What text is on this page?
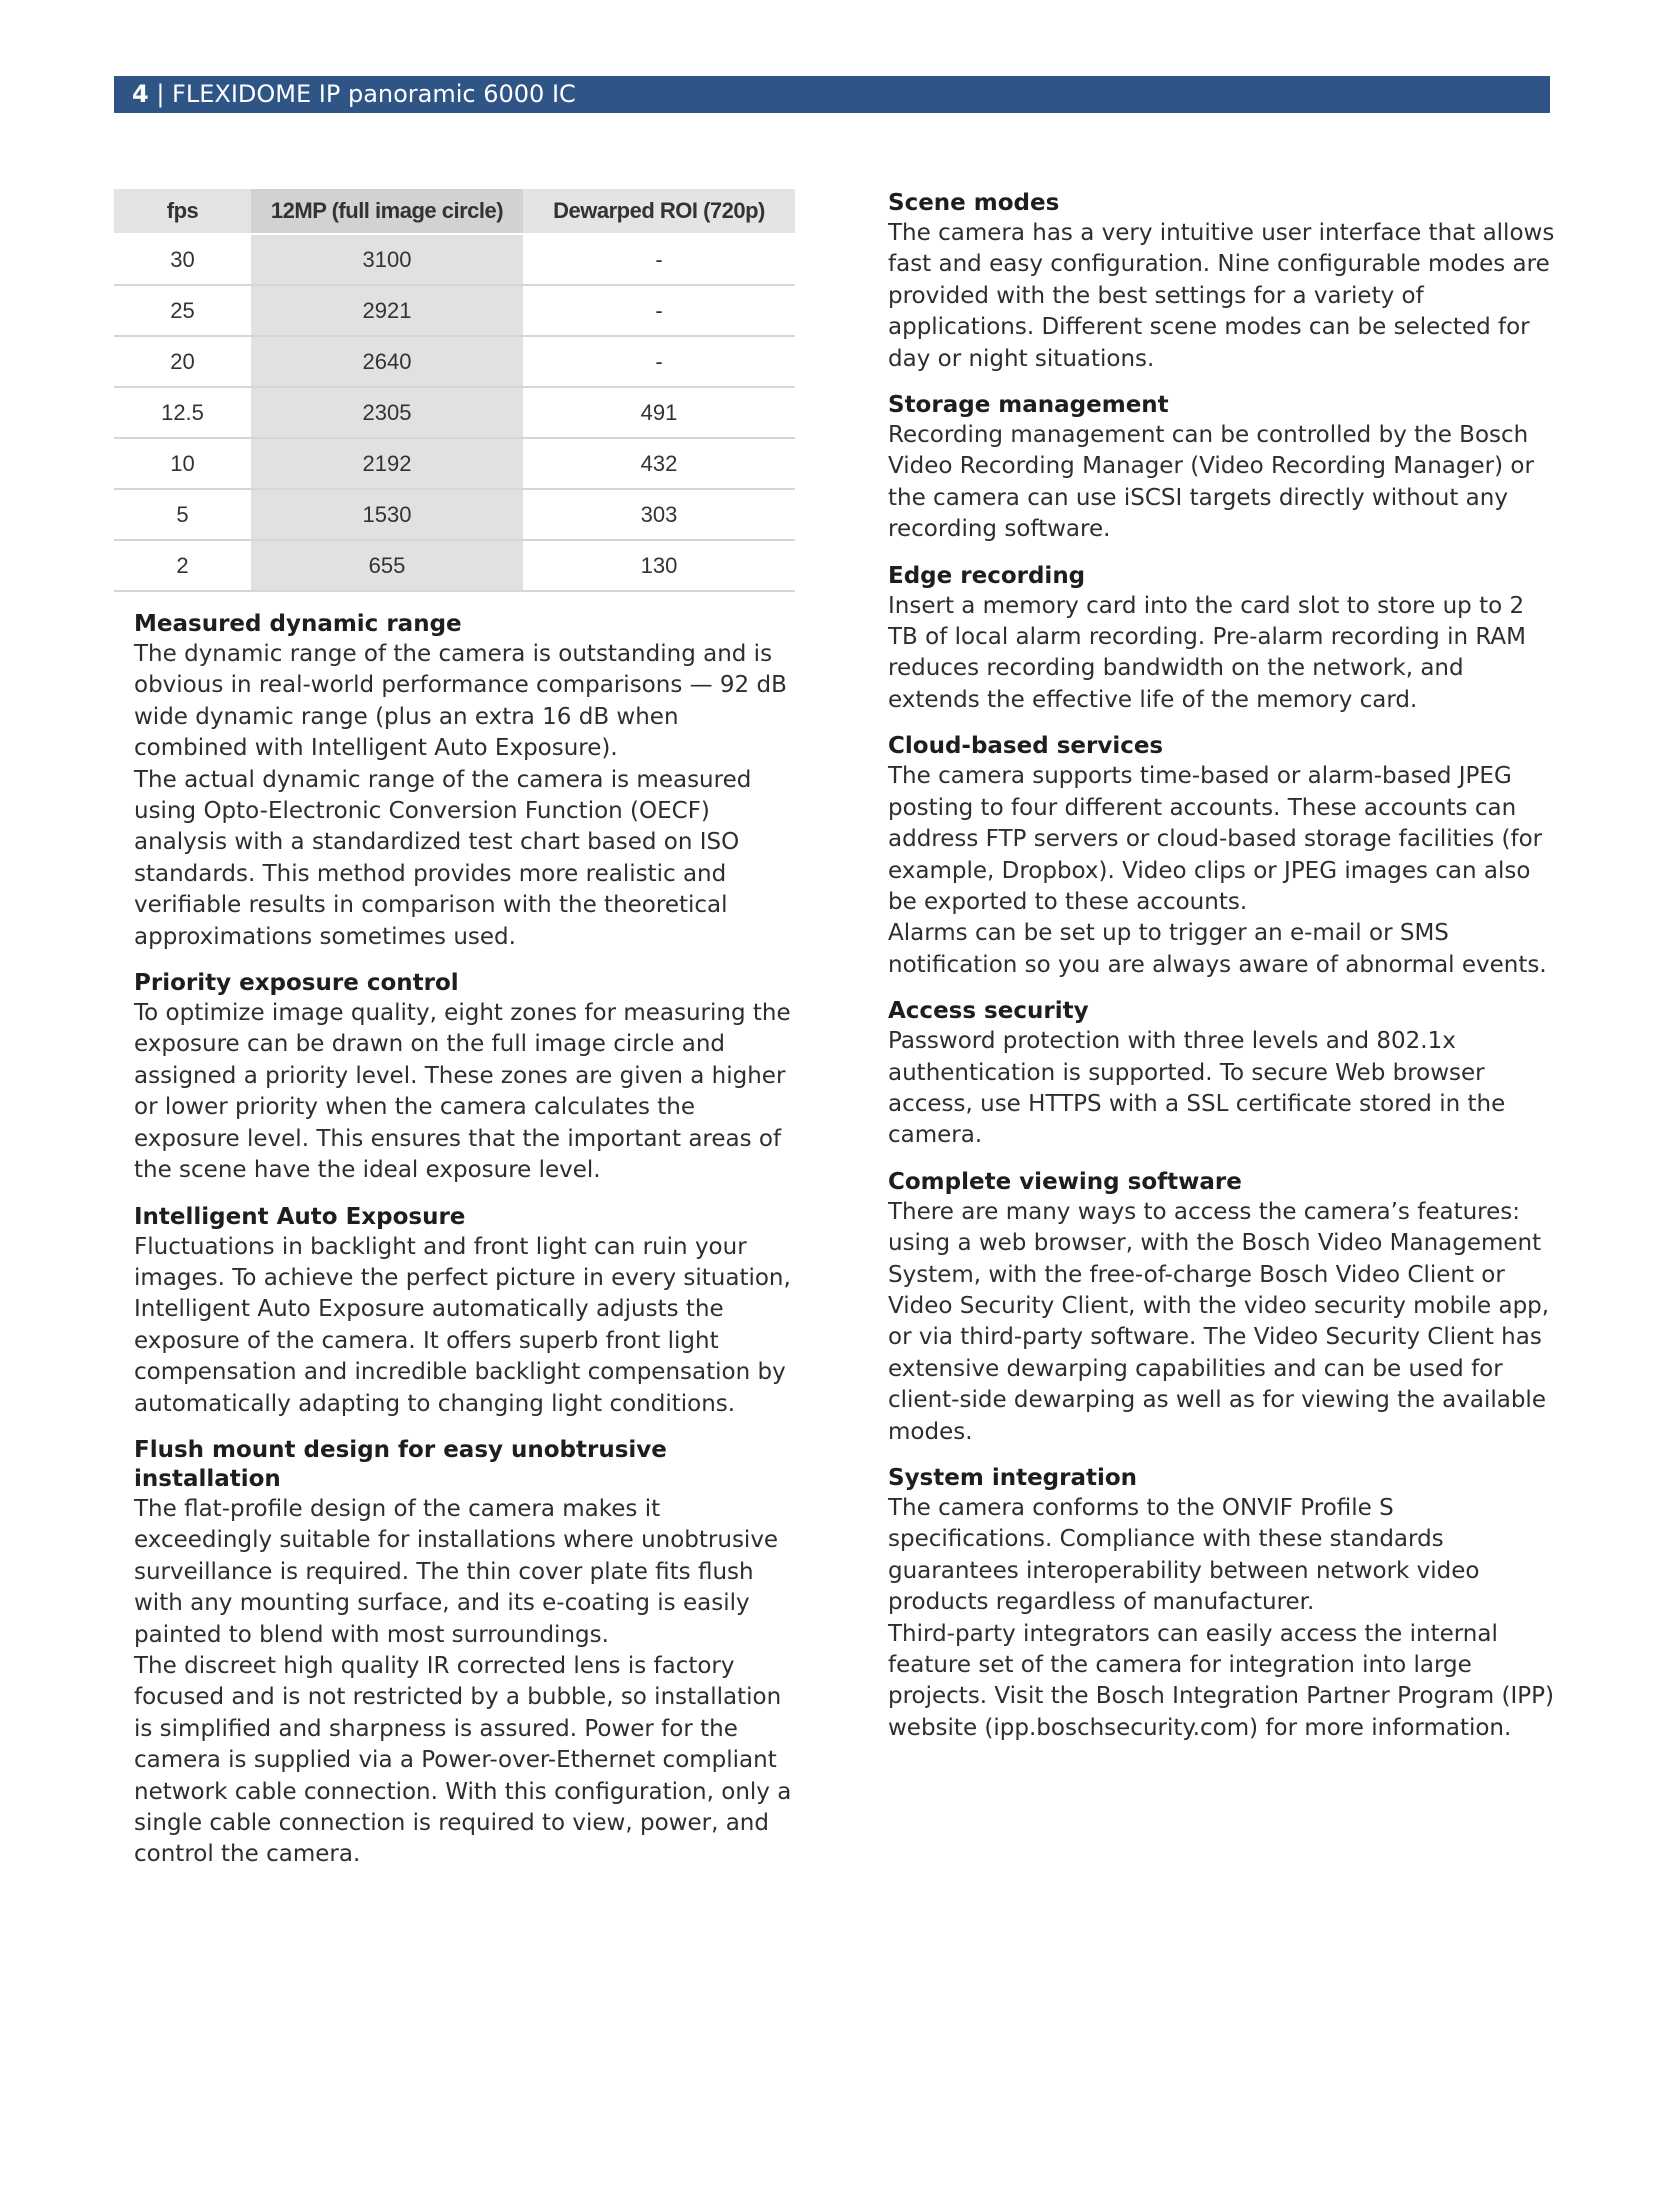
4 | FLEXIDOME IP panoramic 6000 IC
fps	12MP (full image circle)	Dewarped ROI (720p)
30	3100	-
25	2921	-
20	2640	-
12.5	2305	491
10	2192	432
5	1530	303
2	655	130
Measured dynamic range

The dynamic range of the camera is outstanding and is obvious in real-world performance comparisons — 92 dB wide dynamic range (plus an extra 16 dB when combined with Intelligent Auto Exposure).

The actual dynamic range of the camera is measured using Opto-Electronic Conversion Function (OECF) analysis with a standardized test chart based on ISO standards. This method provides more realistic and verifiable results in comparison with the theoretical approximations sometimes used.

Priority exposure control

To optimize image quality, eight zones for measuring the exposure can be drawn on the full image circle and assigned a priority level. These zones are given a higher or lower priority when the camera calculates the exposure level. This ensures that the important areas of the scene have the ideal exposure level.

Intelligent Auto Exposure

Fluctuations in backlight and front light can ruin your images. To achieve the perfect picture in every situation, Intelligent Auto Exposure automatically adjusts the exposure of the camera. It offers superb front light compensation and incredible backlight compensation by automatically adapting to changing light conditions.

Flush mount design for easy unobtrusive installation

The flat-profile design of the camera makes it exceedingly suitable for installations where unobtrusive surveillance is required. The thin cover plate fits flush with any mounting surface, and its e-coating is easily painted to blend with most surroundings.

The discreet high quality IR corrected lens is factory focused and is not restricted by a bubble, so installation is simplified and sharpness is assured. Power for the camera is supplied via a Power-over-Ethernet compliant network cable connection. With this configuration, only a single cable connection is required to view, power, and control the camera.

Scene modes

The camera has a very intuitive user interface that allows fast and easy configuration. Nine configurable modes are provided with the best settings for a variety of applications. Different scene modes can be selected for day or night situations.

Storage management

Recording management can be controlled by the Bosch Video Recording Manager (Video Recording Manager) or the camera can use iSCSI targets directly without any recording software.

Edge recording

Insert a memory card into the card slot to store up to 2 TB of local alarm recording. Pre-alarm recording in RAM reduces recording bandwidth on the network, and extends the effective life of the memory card.

Cloud-based services

The camera supports time-based or alarm-based JPEG posting to four different accounts. These accounts can address FTP servers or cloud-based storage facilities (for example, Dropbox). Video clips or JPEG images can also be exported to these accounts.

Alarms can be set up to trigger an e-mail or SMS notification so you are always aware of abnormal events.

Access security

Password protection with three levels and 802.1x authentication is supported. To secure Web browser access, use HTTPS with a SSL certificate stored in the camera.

Complete viewing software

There are many ways to access the camera’s features: using a web browser, with the Bosch Video Management System, with the free-of-charge Bosch Video Client or Video Security Client, with the video security mobile app, or via third-party software. The Video Security Client has extensive dewarping capabilities and can be used for client-side dewarping as well as for viewing the available modes.

System integration

The camera conforms to the ONVIF Profile S specifications. Compliance with these standards guarantees interoperability between network video products regardless of manufacturer.

Third-party integrators can easily access the internal feature set of the camera for integration into large projects. Visit the Bosch Integration Partner Program (IPP) website (ipp.boschsecurity.com) for more information.
